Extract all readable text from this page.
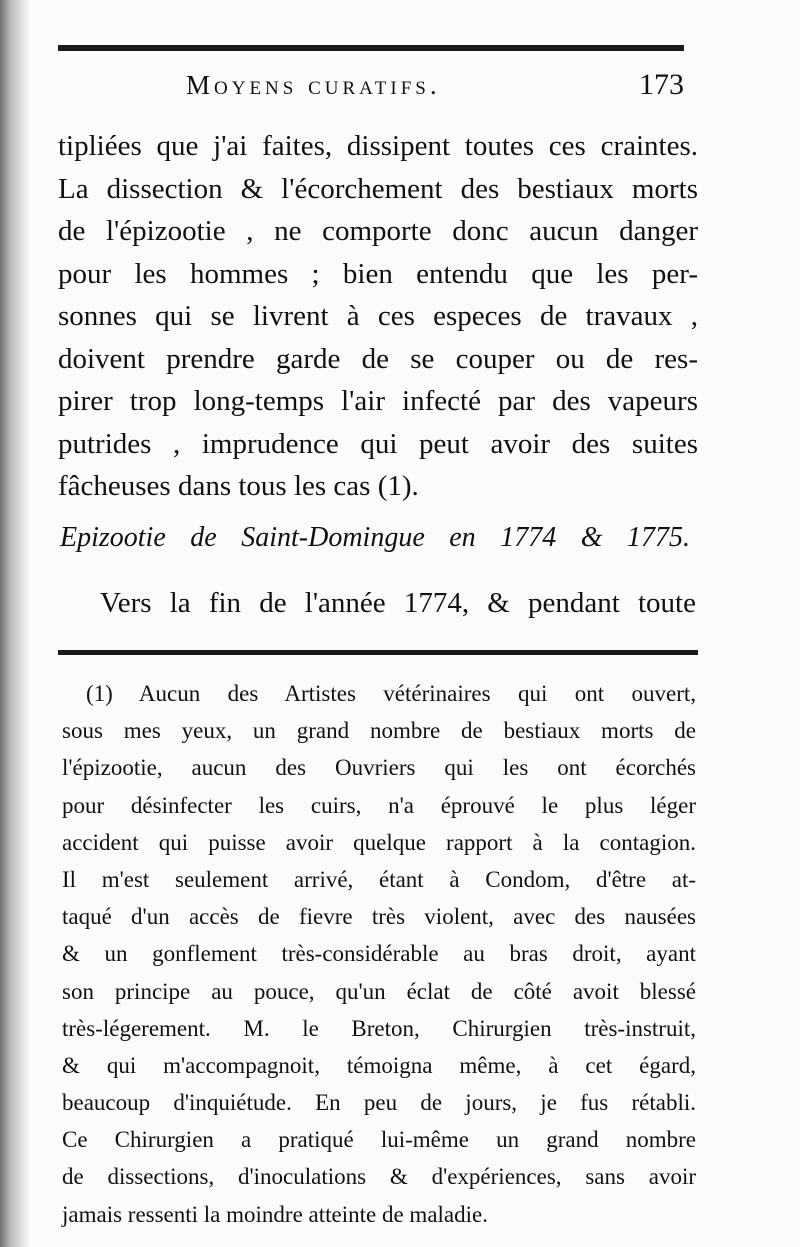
Moyens curatifs.	173
tipliées que j'ai faites, dissipent toutes ces craintes.
La dissection & l'écorchement des bestiaux morts
de l'épizootie , ne comporte donc aucun danger
pour les hommes ; bien entendu que les per-
sonnes qui se livrent à ces especes de travaux ,
doivent prendre garde de se couper ou de res-
pirer trop long-temps l'air infecté par des vapeurs
putrides , imprudence qui peut avoir des suites
fâcheuses dans tous les cas (1).
Epizootie de Saint-Domingue en 1774 & 1775.
Vers la fin de l'année 1774, & pendant toute
(1) Aucun des Artistes vétérinaires qui ont ouvert,
sous mes yeux, un grand nombre de bestiaux morts de
l'épizootie, aucun des Ouvriers qui les ont écorchés
pour désinfecter les cuirs, n'a éprouvé le plus léger
accident qui puisse avoir quelque rapport à la contagion.
Il m'est seulement arrivé, étant à Condom, d'être at-
taqué d'un accès de fievre très violent, avec des nausées
& un gonflement très-considérable au bras droit, ayant
son principe au pouce, qu'un éclat de côté avoit blessé
très-légerement. M. le Breton, Chirurgien très-instruit,
& qui m'accompagnoit, témoigna même, à cet égard,
beaucoup d'inquiétude. En peu de jours, je fus rétabli.
Ce Chirurgien a pratiqué lui-même un grand nombre
de dissections, d'inoculations & d'expériences, sans avoir
jamais ressenti la moindre atteinte de maladie.
